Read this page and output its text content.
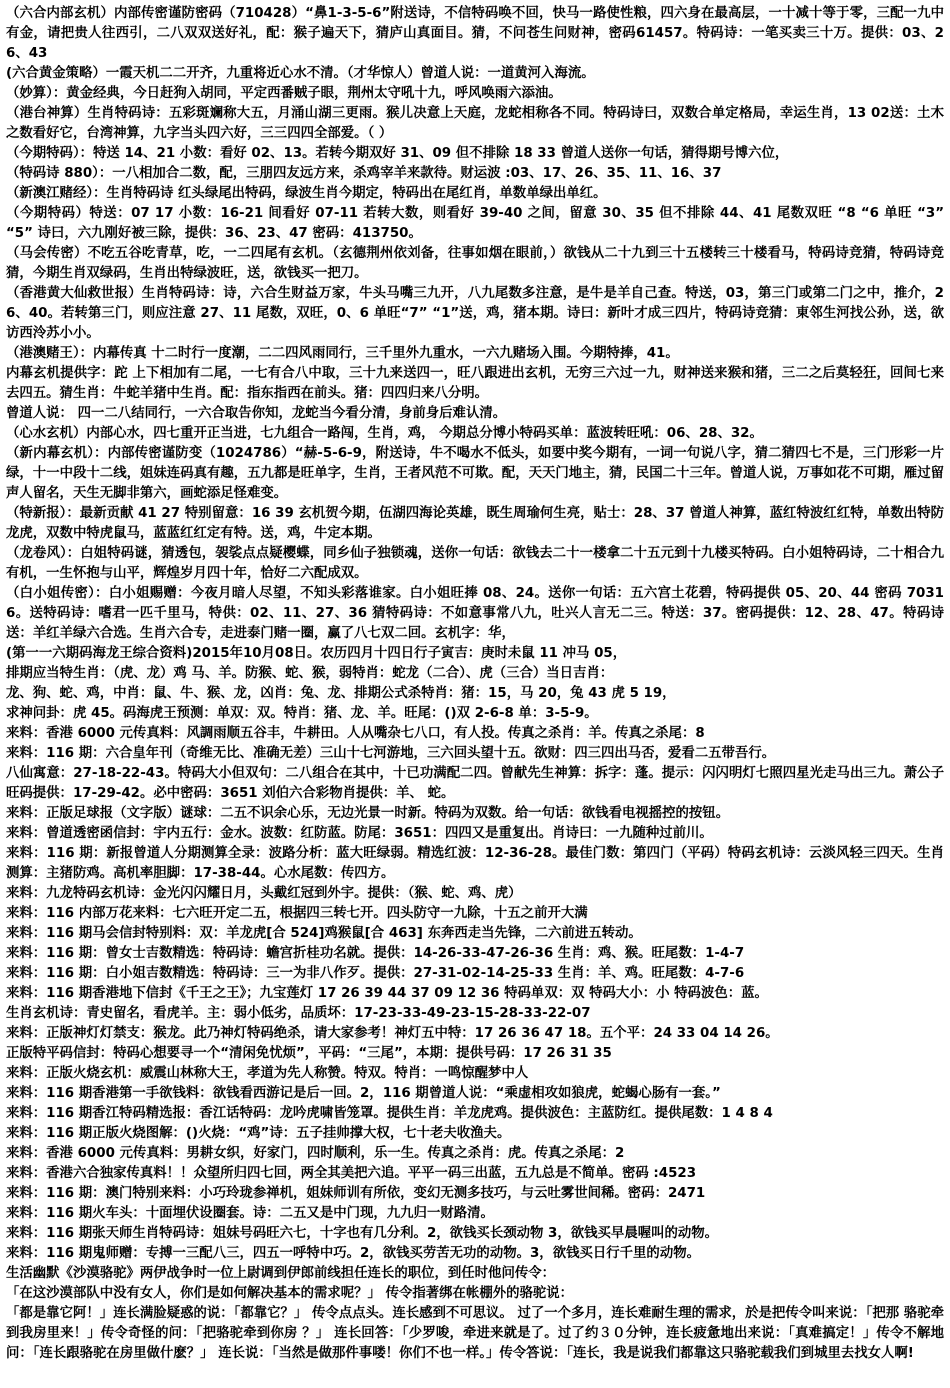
（六合内部玄机）内部传密谨防密码（710428）“鼻1-3-5-6”附送诗，不信特码唤不回，快马一路使性粮，四六身在最高层，一十减十等于零，三配一九中有金，请把贵人往西引，二八双双送好礼，配：猴子遍天下，猜庐山真面目。猜，不问苍生问财神，密码61457。特码诗：一笔买卖三十万。提供：03、26、43

(六合黄金策略）一霞天机二二开齐，九重将近心水不清。（才华惊人）曾道人说：一道黄河入海流。

（妙算）：黄金经典，今日赶狗入胡同，平定西番贼子眼，荆州太守吼十九，呼风唤雨六添油。

（港台神算）生肖特码诗：五彩斑斓称大五，月涌山湖三更雨。猴儿决意上天庭，龙蛇相称各不同。特码诗曰，双数合单定格局，幸运生肖，13 02送：土木之数看好它，台湾神算，九字当头四六好，三三四四全部爱。（ ）

（今期特码）：特送 14、21 小数：看好 02、13。若转今期双好 31、09 但不排除 18 33 曾道人送你一句话，猜得期号博六位，

（特码诗 880）：一八相加合二数，配，三朋四友远方来，杀鸡宰羊来款待。财运波 :03、17、26、35、11、16、37

（新澳江赌经）：生肖特码诗 红头绿尾出特码，绿波生肖今期定，特码出在尾红肖，单数单绿出单红。

（今期特码）特送：07 17 小数：16-21 间看好 07-11 若转大数，则看好 39-40 之间，留意 30、35 但不排除 44、41 尾数双旺 “8 “6 单旺 “3” “5” 诗曰，六九刚好被三除，提供：36、23、47 密码：413750。

（马会传密）不吃五谷吃青草，吃，一二四尾有玄机。（玄德荆州依刘备，往事如烟在眼前，）欲钱从二十九到三十五楼转三十楼看马，特码诗竞猜，特码诗竞猜，今期生肖双绿码，生肖出特绿波旺，送，欲钱买一把刀。

（香港黄大仙救世报）生肖特码诗：诗，六合生财益万家，牛头马嘴三九开，八九尾数多注意，是牛是羊自己查。特送，03，第三门或第二门之中，推介，26、40。若转第三门，则应注意 27、11 尾数，双旺，0、6 单旺“7” “1”送，鸡，猪本期。诗曰：新叶才成三四片，特码诗竞猜：東邻生河找公孙，送，欲访西泠苏小小。

（港澳赌王）：内幕传真 十二时行一度潮，二二四风雨同行，三千里外九重水，一六九赌场入围。今期特捧，41。

内幕玄机提供字：跎 上下相加有二尾，一七有合八中取，三十九来送四一，旺八跟进出玄机，无穷三六过一九，财神送来猴和猪，三二之后莫轻狂，回间七来去四五。猜生肖：牛蛇羊猪中生肖。配：指东指西在前头。猪：四四归来八分明。

曾道人说： 四一二八结同行，一六合取告你知，龙蛇当今看分清，身前身后难认清。

（心水玄机）内部心水，四七重开正当进，七九组合一路闯，生肖，鸡， 今期总分博小特码买单：蓝波转旺吼：06、28、32。

（新内幕玄机）：内部传密谨防变（1024786）“赫-5-6-9，附送诗，牛不喝水不低头，如要中奖今期有，一词一句说八字，猜二猜四七不是，三门形彩一片绿，十一中段十二线，姐妹连码真有趣，五九都是旺单字，生肖，王者风范不可欺。配，天天门地主，猜，民国二十三年。曾道人说，万事如花不可期，雁过留声人留名，天生无脚非第六，画蛇添足怪难变。

（特新报）：最新贡献 41 27 特别留意：16 39 玄机贺今期，伍湖四海论英雄，既生周瑜何生亮，贴士：28、37 曾道人神算，蓝红特波红红特，单数出特防龙虎，双数中特虎鼠马，蓝蓝红红定有特。送，鸡，牛定本期。

（龙卷风）：白姐特码谜，猜透包，袈裟点点疑樱蝶，同乡仙子独锁魂，送你一句话：欲钱去二十一楼拿二十五元到十九楼买特码。白小姐特码诗，二十相合九有机，一生怀抱与山平，辉煌岁月四十年，恰好二六配成双。

（白小姐传密）：白小姐赐赠：今夜月暗人尽望，不知头彩落谁家。白小姐旺捧 08、24。送你一句话：五六宫土花碧，特码提供 05、20、44 密码 70316。送特码诗：嗜君一匹千里马，特供：02、11、27、36 猜特码诗：不如意事常八九，吐兴人言无二三。特送：37。密码提供：12、28、47。特码诗送：羊红羊绿六合选。生肖六合专，走进泰门赌一圈，赢了八七双二回。玄机字：华，

(第一一六期码海龙王综合资料)2015年10月08日。农历四月十四日行子寅吉：庚时未鼠 11 冲马 05，

排期应当特生肖：（虎、龙）鸡 马、羊。防猴、蛇、猴，弱特肖：蛇龙（二合）、虎（三合）当日吉肖：

龙、狗、蛇、鸡，中肖：鼠、牛、猴、龙，凶肖：兔、龙、排期公式杀特肖：猪：15，马 20，兔 43 虎 5 19，

求神问卦：虎 45。码海虎王预测：单双：双。特肖：猪、龙、羊。旺尾：()双 2-6-8 单：3-5-9。

来料：香港 6000 元传真料：风調雨顺五谷丰，牛耕田。人从嘴杂七八口，有人投。传真之杀肖：羊。传真之杀尾：8

来料：116 期：六合皇年刊（奇维无比、准确无差）三山十七河游地，三六回头望十五。欲财：四三四出马否，爱看二五带吾行。

八仙寓意：27-18-22-43。特码大小但双句：二八组合在其中，十已功满配二四。曾献先生神算：拆字：蓬。提示：闪闪明灯七照四星光走马出三九。萧公子旺码提供：17-29-42。必中密码：3651 刘伯六合彩物肖提供：羊、 蛇。

来料：正版足球报（文字版）谜球：二五不识余心乐，无边光景一时新。特码为双数。给一句话：欲钱看电视摇控的按钮。

来料：曾道透密函信封：宇内五行：金水。波数：红防蓝。防尾：3651：四四又是重复出。肖诗曰：一九随种过前川。

来料：116 期：新报曾道人分期测算全录：波路分析：蓝大旺绿弱。精选红波：12-36-28。最佳门数：第四门（平码）特码玄机诗：云淡风轻三四天。生肖测算：主猪防鸡。高机率胆脚：17-38-44。心水尾数：传四方。

来料：九龙特码玄机诗：金光闪闪耀日月，头戴红冠到外宇。提供：（猴、蛇、鸡、虎）

来料：116 内部万花来料：七六旺开定二五，根据四三转七开。四头防守一九除，十五之前开大满

来料：116 期马会信封特别料：双：羊龙虎[合 524]鸡猴鼠[合 463] 东奔西走当先锋，二六前进五转动。

来料：116 期：曾女士吉数精选：特码诗：蟾宫折桂功名就。提供：14-26-33-47-26-36 生肖：鸡、猴。旺尾数：1-4-7

来料：116 期：白小姐吉数精选：特码诗：三一为非八作歹。提供：27-31-02-14-25-33 生肖：羊、鸡。旺尾数：4-7-6

来料：116 期香港地下信封《千王之王》；九宝莲灯 17 26 39 44 37 09 12 36 特码单双：双 特码大小：小 特码波色：蓝。

生肖玄机诗：青史留名，看虎羊。主：弱小低劣，品质坏：17-23-33-49-23-15-28-33-22-07

来料：正版神灯灯禁支：猴龙。此乃神灯特码绝杀，请大家参考！神灯五中特：17 26 36 47 18。五个平：24 33 04 14 26。

正版特平码信封：特码心想要寻一个“清闲免忧烦”，平码：“三尾”，本期：提供号码：17 26 31 35

来料：正版火烧玄机：威震山林称大王，孝道为先人称赞。特双。特肖：一鸣惊醒梦中人

来料：116 期香港第一手欲钱料：欲钱看西游记是后一回。2，116 期曾道人说：“乘虚相攻如狼虎，蛇蝎心肠有一套。”

来料：116 期香江特码精选报：香江话特码：龙吟虎啸皆笼罩。提供生肖：羊龙虎鸡。提供波色：主蓝防红。提供尾数：1 4 8 4

来料：116 期正版火烧图解：()火烧：“鸡”诗：五子挂帅撑大权，七十老夫收渔夫。

来料：香港 6000 元传真料：男耕女织，好家门，四时顺利，乐一生。传真之杀肖：虎。传真之杀尾：2

来料：香港六合独家传真料！！众望所归四七回，两全其美把六追。平平一码三出蓝，五九总是不简单。密码 :4523

来料：116 期：澳门特别来料：小巧玲珑参禅机，姐妹师训有所依，变幻无测多技巧，与云吐雾世间稀。密码：2471

来料：116 期火车头：十面埋伏设圈套。诗：二五又是中门现，九九归一财路清。

来料：116 期张天师生肖特码诗：姐妹号码旺六七，十字也有几分利。2，欲钱买长颈动物 3，欲钱买早晨喔叫的动物。

来料：116 期鬼师赠：专搏一三配八三，四五一呼特中巧。2，欲钱买劳苦无功的动物。3，欲钱买日行千里的动物。

生活幽默《沙漠骆驼》两伊战争时一位上尉调到伊郎前线担任连长的职位，到任时他问传令：

「在这沙漠部队中没有女人，你们是如何解决基本的需求呢？」 传令指著绑在帐棚外的骆驼说：

「都是靠它阿！」连长满脸疑惑的说：「都靠它？」 传令点点头。连长感到不可思议。 过了一个多月，连长难耐生理的需求，於是把传令叫来说：「把那 骆驼牵到我房里来！」传令奇怪的问：「把骆驼牵到你房 ？」 连长回答：「少罗唆，牵进来就是了。过了约３０分钟，连长疲惫地出来说：「真难搞定！」传令不解地问：「连长跟骆驼在房里做什麽？」 连长说：「当然是做那件事喽！你们不也一样。」传令答说：「连长，我是说我们都靠这只骆驼载我们到城里去找女人啊!
